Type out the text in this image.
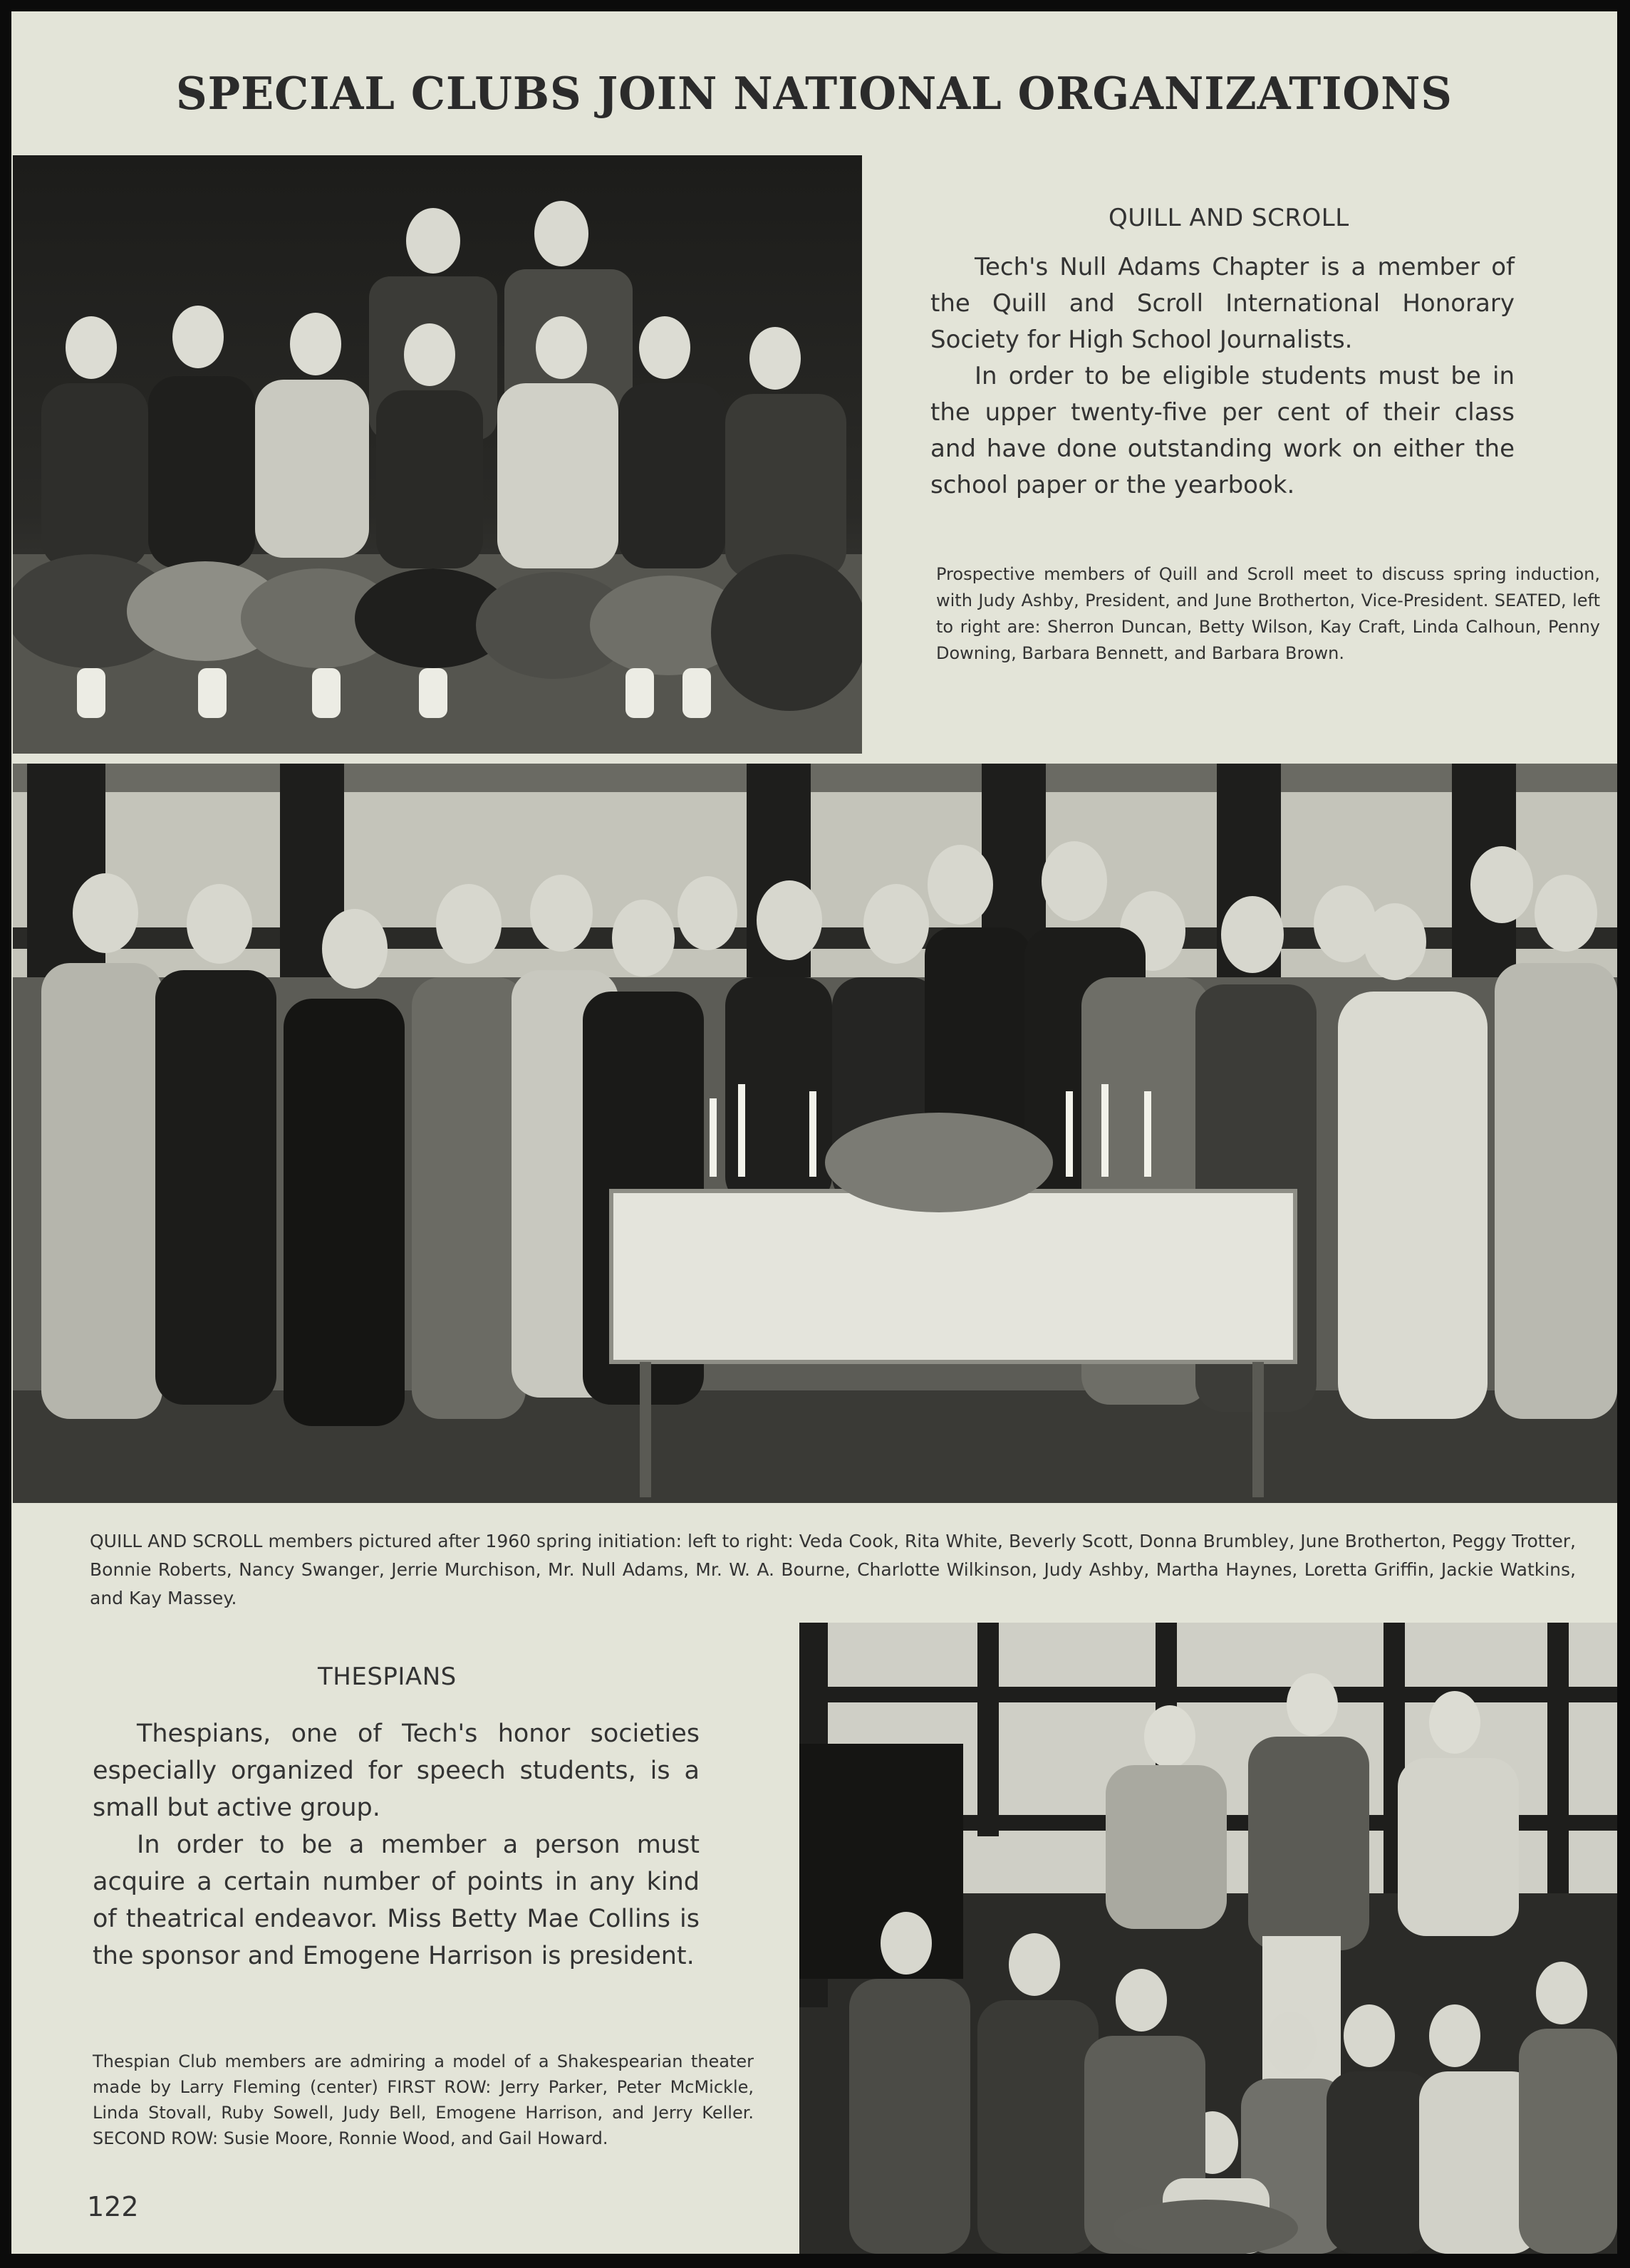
SPECIAL CLUBS JOIN NATIONAL ORGANIZATIONS
QUILL AND SCROLL

Tech's Null Adams Chapter is a member of the Quill and Scroll International Honorary Society for High School Journalists.

In order to be eligible students must be in the upper twenty-five per cent of their class and have done outstanding work on either the school paper or the yearbook.

Prospective members of Quill and Scroll meet to discuss spring induction, with Judy Ashby, President, and June Brotherton, Vice-President. SEATED, left to right are: Sherron Duncan, Betty Wilson, Kay Craft, Linda Calhoun, Penny Downing, Barbara Bennett, and Barbara Brown.
QUILL AND SCROLL members pictured after 1960 spring initiation: left to right: Veda Cook, Rita White, Beverly Scott, Donna Brumbley, June Brotherton, Peggy Trotter, Bonnie Roberts, Nancy Swanger, Jerrie Murchison, Mr. Null Adams, Mr. W. A. Bourne, Charlotte Wilkinson, Judy Ashby, Martha Haynes, Loretta Griffin, Jackie Watkins, and Kay Massey.
THESPIANS

Thespians, one of Tech's honor societies especially organized for speech students, is a small but active group.

In order to be a member a person must acquire a certain number of points in any kind of theatrical endeavor. Miss Betty Mae Collins is the sponsor and Emogene Harrison is president.

Thespian Club members are admiring a model of a Shakespearian theater made by Larry Fleming (center) FIRST ROW: Jerry Parker, Peter McMickle, Linda Stovall, Ruby Sowell, Judy Bell, Emogene Harrison, and Jerry Keller. SECOND ROW: Susie Moore, Ronnie Wood, and Gail Howard.
122
